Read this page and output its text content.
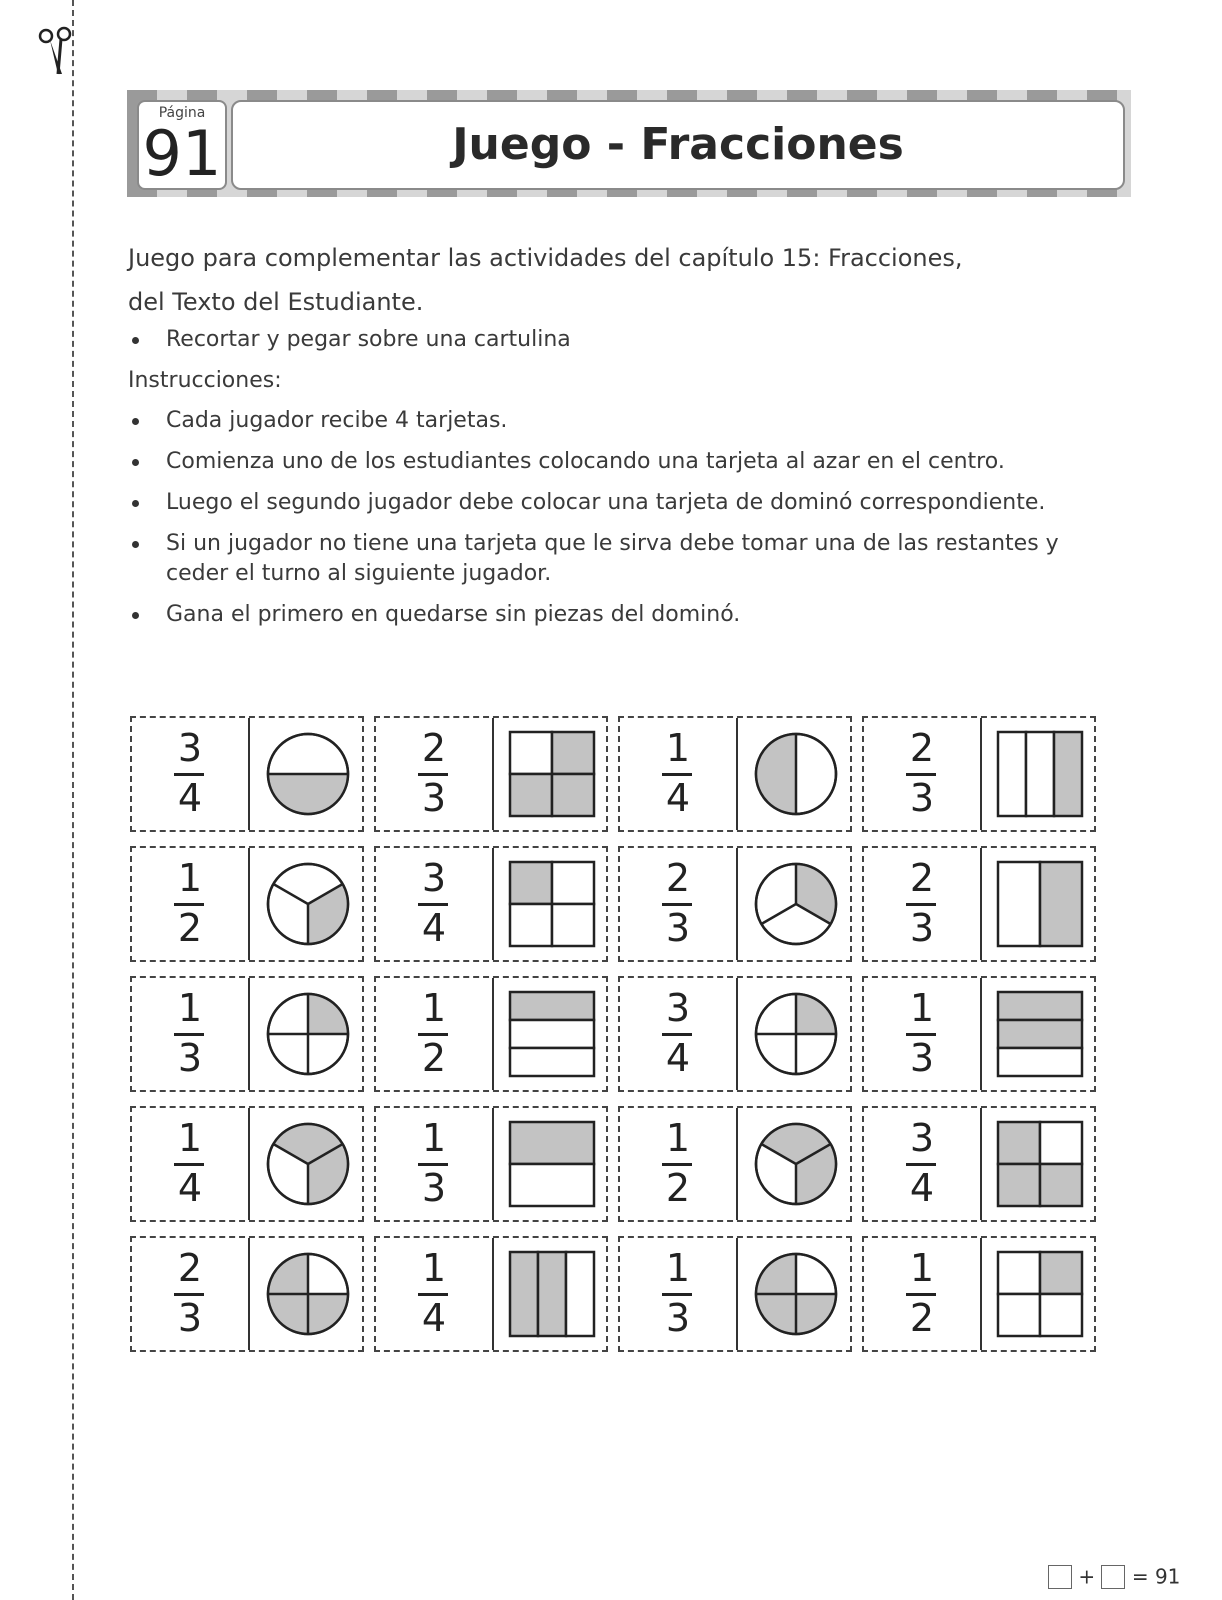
Página
91	Juego - Fracciones
Juego para complementar las actividades del capítulo 15: Fracciones,
del Texto del Estudiante.
Recortar y pegar sobre una cartulina
Instrucciones:
Cada jugador recibe 4 tarjetas.
Comienza uno de los estudiantes colocando una tarjeta al azar en el centro.
Luego el segundo jugador debe colocar una tarjeta de dominó correspondiente.
Si un jugador no tiene una tarjeta que le sirva debe tomar una de las restantes y ceder el turno al siguiente jugador.
Gana el primero en quedarse sin piezas del dominó.
3
4
2
3
1
4
2
3
1
2
3
4
2
3
2
3
1
3
1
2
3
4
1
3
1
4
1
3
1
2
3
4
2
3
1
4
1
3
1
2
+ = 91
